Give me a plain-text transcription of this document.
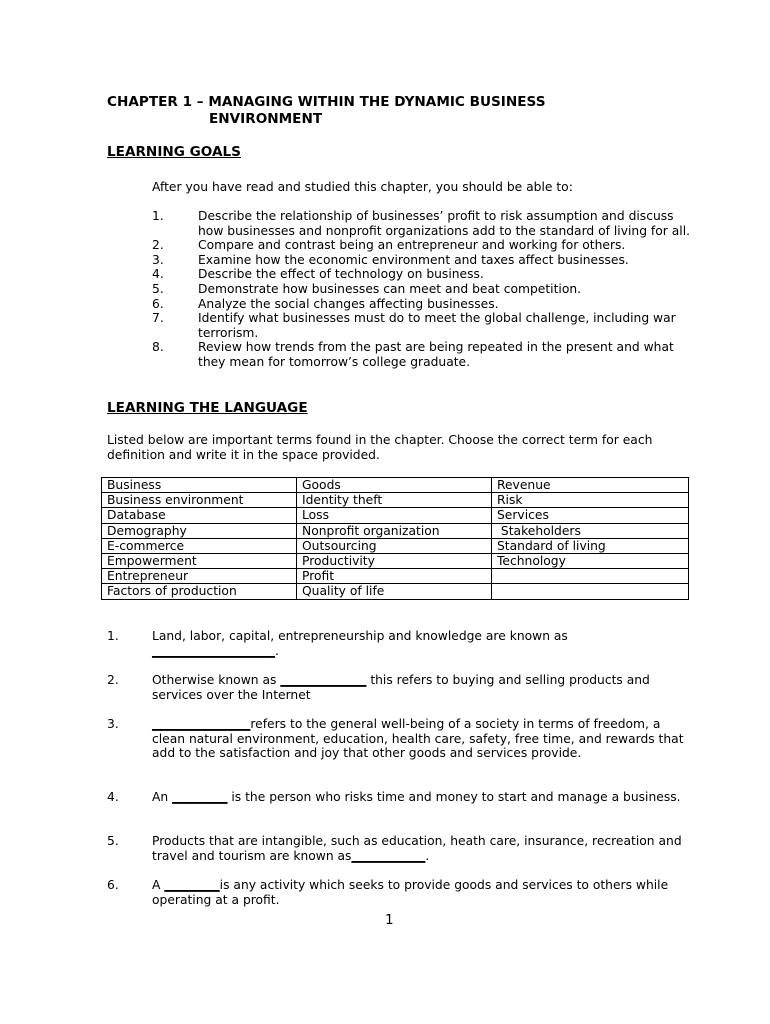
CHAPTER 1 – MANAGING WITHIN THE DYNAMIC BUSINESS
ENVIRONMENT
LEARNING GOALS
After you have read and studied this chapter, you should be able to:
1.	Describe the relationship of businesses’ profit to risk assumption and discuss how businesses and nonprofit organizations add to the standard of living for all.
2.	Compare and contrast being an entrepreneur and working for others.
3.	Examine how the economic environment and taxes affect businesses.
4.	Describe the effect of technology on business.
5.	Demonstrate how businesses can meet and beat competition.
6.	Analyze the social changes affecting businesses.
7.	Identify what businesses must do to meet the global challenge, including war terrorism.
8.	Review how trends from the past are being repeated in the present and what they mean for tomorrow’s college graduate.
LEARNING THE LANGUAGE
Listed below are important terms found in the chapter. Choose the correct term for each definition and write it in the space provided.
Business	Goods	Revenue
Business environment	Identity theft	Risk
Database	Loss	Services
Demography	Nonprofit organization	Stakeholders
E-commerce	Outsourcing	Standard of living
Empowerment	Productivity	Technology
Entrepreneur	Profit	
Factors of production	Quality of life	
1.	Land, labor, capital, entrepreneurship and knowledge are known as
____________________.
2.	Otherwise known as ______________ this refers to buying and selling products and services over the Internet
3.	________________refers to the general well-being of a society in terms of freedom, a clean natural environment, education, health care, safety, free time, and rewards that add to the satisfaction and joy that other goods and services provide.
4.	An _________ is the person who risks time and money to start and manage a business.
5.	Products that are intangible, such as education, heath care, insurance, recreation and travel and tourism are known as____________.
6.	A _________is any activity which seeks to provide goods and services to others while operating at a profit.
1
